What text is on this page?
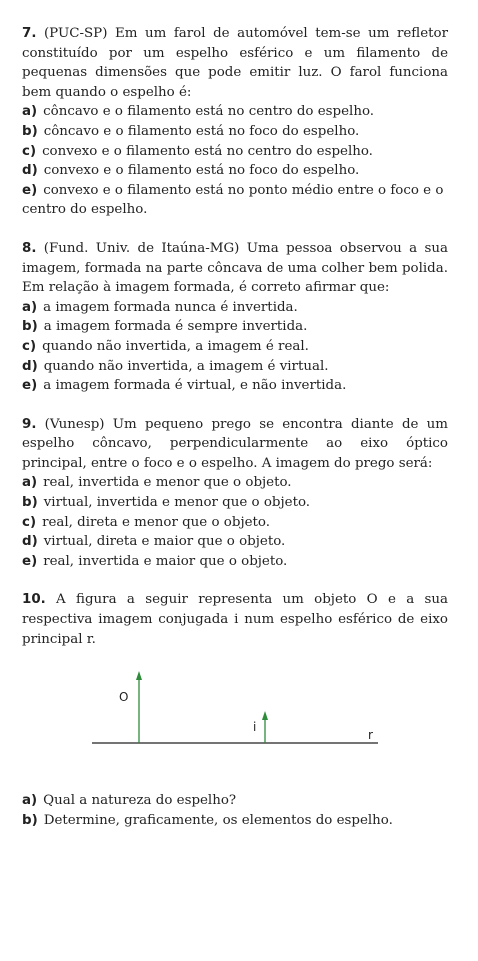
7. (PUC-SP) Em um farol de automóvel tem-se um refletor constituído por um espelho esférico e um filamento de pequenas dimensões que pode emitir luz. O farol funciona bem quando o espelho é:

a) côncavo e o filamento está no centro do espelho.
b) côncavo e o filamento está no foco do espelho.
c) convexo e o filamento está no centro do espelho.
d) convexo e o filamento está no foco do espelho.
e) convexo e o filamento está no ponto médio entre o foco e o centro do espelho.

8. (Fund. Univ. de Itaúna-MG) Uma pessoa observou a sua imagem, formada na parte côncava de uma colher bem polida. Em relação à imagem formada, é correto afirmar que:

a) a imagem formada nunca é invertida.
b) a imagem formada é sempre invertida.
c) quando não invertida, a imagem é real.
d) quando não invertida, a imagem é virtual.
e) a imagem formada é virtual, e não invertida.

9. (Vunesp) Um pequeno prego se encontra diante de um espelho côncavo, perpendicularmente ao eixo óptico principal, entre o foco e o espelho. A imagem do prego será:

a) real, invertida e menor que o objeto.
b) virtual, invertida e menor que o objeto.
c) real, direta e menor que o objeto.
d) virtual, direta e maior que o objeto.
e) real, invertida e maior que o objeto.

10. A figura a seguir representa um objeto O e a sua respectiva imagem conjugada i num espelho esférico de eixo principal r.

O
i
r
a) Qual a natureza do espelho?
b) Determine, graficamente, os elementos do espelho.
